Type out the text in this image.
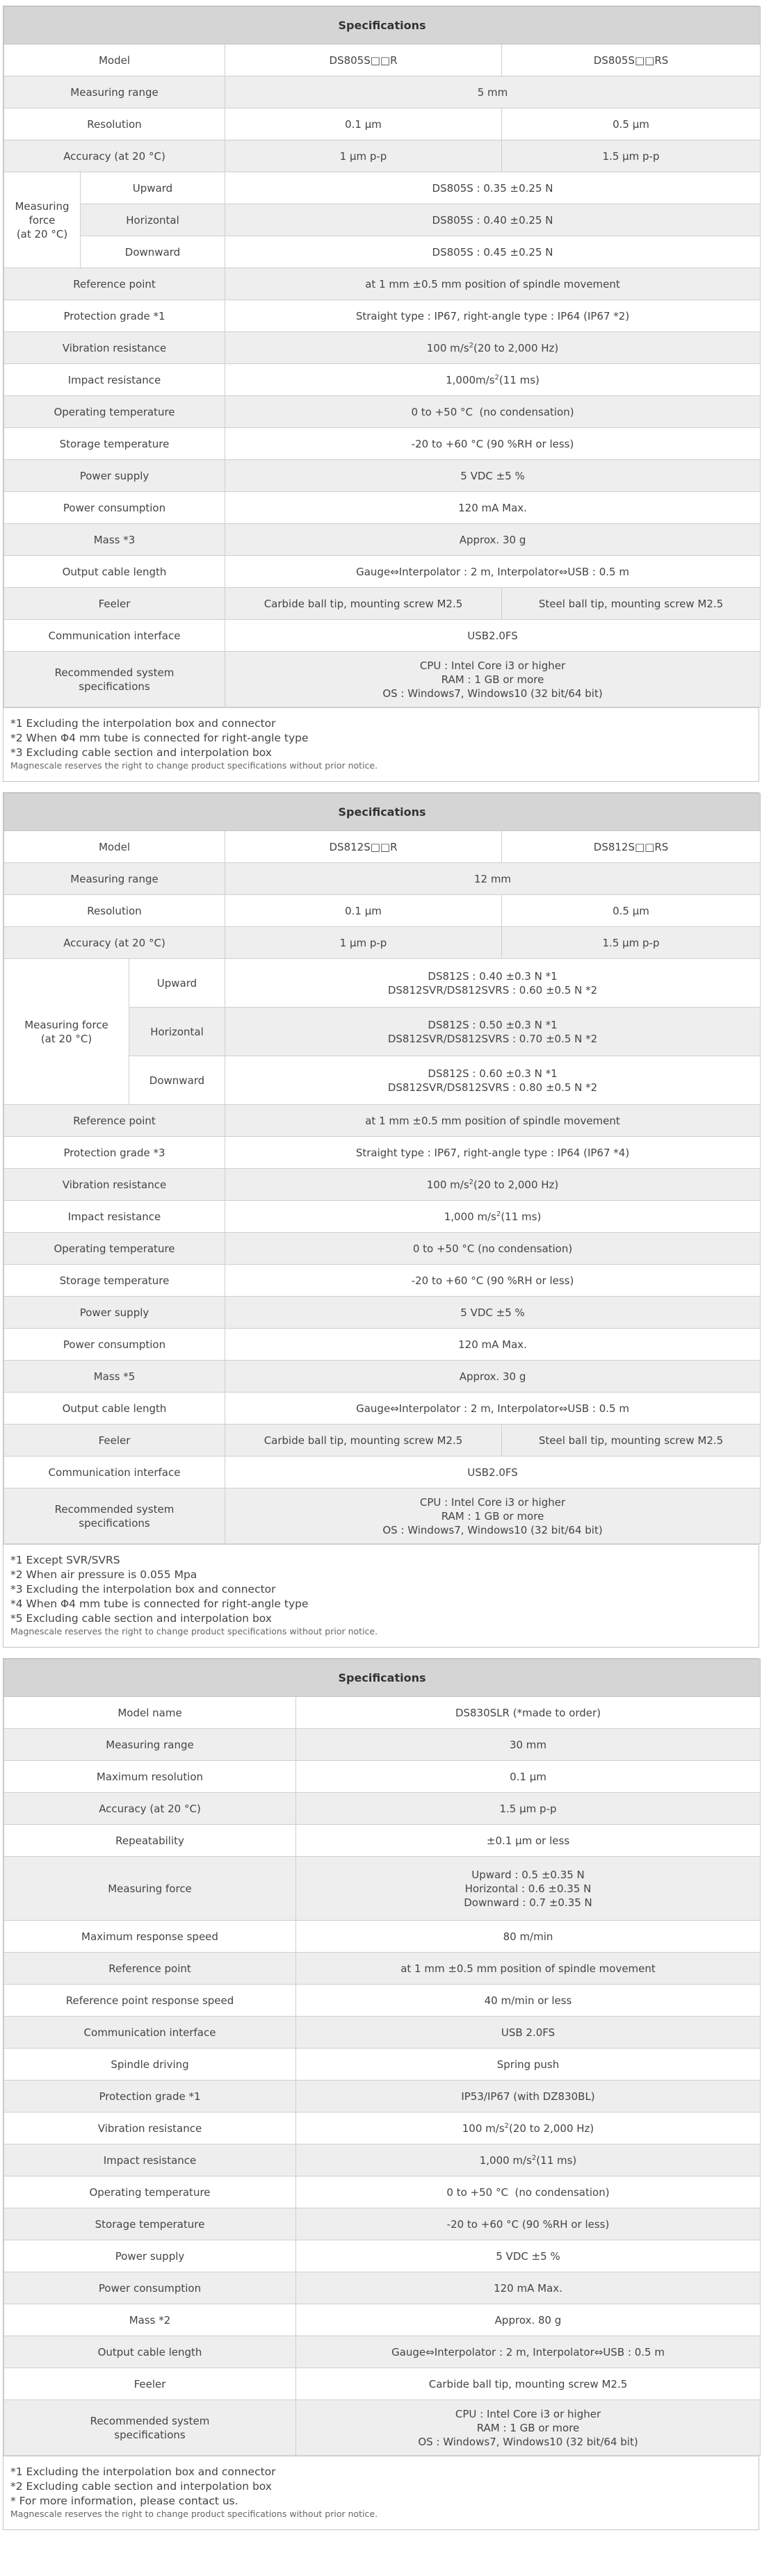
Specifications			
Model		DS805S□□R	DS805S□□RS
Measuring range		5 mm	
Resolution		0.1 µm	0.5 µm
Accuracy (at 20 °C)		1 µm p-p	1.5 µm p-p
Measuring force
(at 20 °C)	Upward	DS805S : 0.35 ±0.25 N	
	Horizontal	DS805S : 0.40 ±0.25 N	
	Downward	DS805S : 0.45 ±0.25 N	
Reference point		at 1 mm ±0.5 mm position of spindle movement	
Protection grade *1		Straight type : IP67, right-angle type : IP64 (IP67 *2)	
Vibration resistance		100 $m/s^2(20$ to 2,000 Hz)	
Impact resistance		$1,000m/s^2(11$ ms)	
Operating temperature		0 to +50 °C  (no condensation)	
Storage temperature		-20 to +60 °C (90 %RH or less)	
Power supply		5 VDC ±5 %	
Power consumption		120 mA Max.	
Mass *3		Approx. 30 g	
Output cable length		Gauge⇔Interpolator : 2 m, Interpolator⇔USB : 0.5 m	
Feeler		Carbide ball tip, mounting screw M2.5	Steel ball tip, mounting screw M2.5
Communication interface		USB2.0FS	
Recommended system
specifications		CPU : Intel Core i3 or higher
RAM : 1 GB or more
OS : Windows7, Windows10 (32 bit/64 bit)	
*1 Excluding the interpolation box and connector
*2 When Φ4 mm tube is connected for right-angle type
*3 Excluding cable section and interpolation box
Magnescale reserves the right to change product specifications without prior notice.
Specifications			
Model		DS812S□□R	DS812S□□RS
Measuring range		12 mm	
Resolution		0.1 µm	0.5 µm
Accuracy (at 20 °C)		1 µm p-p	1.5 µm p-p
Measuring force
(at 20 °C)	Upward	DS812S : 0.40 ±0.3 N *1
DS812SVR/DS812SVRS : 0.60 ±0.5 N *2	
	Horizontal	DS812S : 0.50 ±0.3 N *1
DS812SVR/DS812SVRS : 0.70 ±0.5 N *2	
	Downward	DS812S : 0.60 ±0.3 N *1
DS812SVR/DS812SVRS : 0.80 ±0.5 N *2	
Reference point		at 1 mm ±0.5 mm position of spindle movement	
Protection grade *3		Straight type : IP67, right-angle type : IP64 (IP67 *4)	
Vibration resistance		100 $m/s^2(20$ to 2,000 Hz)	
Impact resistance		1,000 $m/s^2(11$ ms)	
Operating temperature		0 to +50 °C (no condensation)	
Storage temperature		-20 to +60 °C (90 %RH or less)	
Power supply		5 VDC ±5 %	
Power consumption		120 mA Max.	
Mass *5		Approx. 30 g	
Output cable length		Gauge⇔Interpolator : 2 m, Interpolator⇔USB : 0.5 m	
Feeler		Carbide ball tip, mounting screw M2.5	Steel ball tip, mounting screw M2.5
Communication interface		USB2.0FS	
Recommended system
specifications		CPU : Intel Core i3 or higher
RAM : 1 GB or more
OS : Windows7, Windows10 (32 bit/64 bit)	
*1 Except SVR/SVRS
*2 When air pressure is 0.055 Mpa
*3 Excluding the interpolation box and connector
*4 When Φ4 mm tube is connected for right-angle type
*5 Excluding cable section and interpolation box
Magnescale reserves the right to change product specifications without prior notice.
Specifications	
Model name	DS830SLR (*made to order)
Measuring range	30 mm
Maximum resolution	0.1 µm
Accuracy (at 20 °C)	1.5 µm p-p
Repeatability	±0.1 µm or less
Measuring force	Upward : 0.5 ±0.35 N
Horizontal : 0.6 ±0.35 N
Downward : 0.7 ±0.35 N
Maximum response speed	80 m/min
Reference point	at 1 mm ±0.5 mm position of spindle movement
Reference point response speed	40 m/min or less
Communication interface	USB 2.0FS
Spindle driving	Spring push
Protection grade *1	IP53/IP67 (with DZ830BL)
Vibration resistance	100 $m/s^2(20$ to 2,000 Hz)
Impact resistance	1,000 $m/s^2(11$ ms)
Operating temperature	0 to +50 °C  (no condensation)
Storage temperature	-20 to +60 °C (90 %RH or less)
Power supply	5 VDC ±5 %
Power consumption	120 mA Max.
Mass *2	Approx. 80 g
Output cable length	Gauge⇔Interpolator : 2 m, Interpolator⇔USB : 0.5 m
Feeler	Carbide ball tip, mounting screw M2.5
Recommended system
specifications	CPU : Intel Core i3 or higher
RAM : 1 GB or more
OS : Windows7, Windows10 (32 bit/64 bit)
*1 Excluding the interpolation box and connector
*2 Excluding cable section and interpolation box
* For more information, please contact us.
Magnescale reserves the right to change product specifications without prior notice.
